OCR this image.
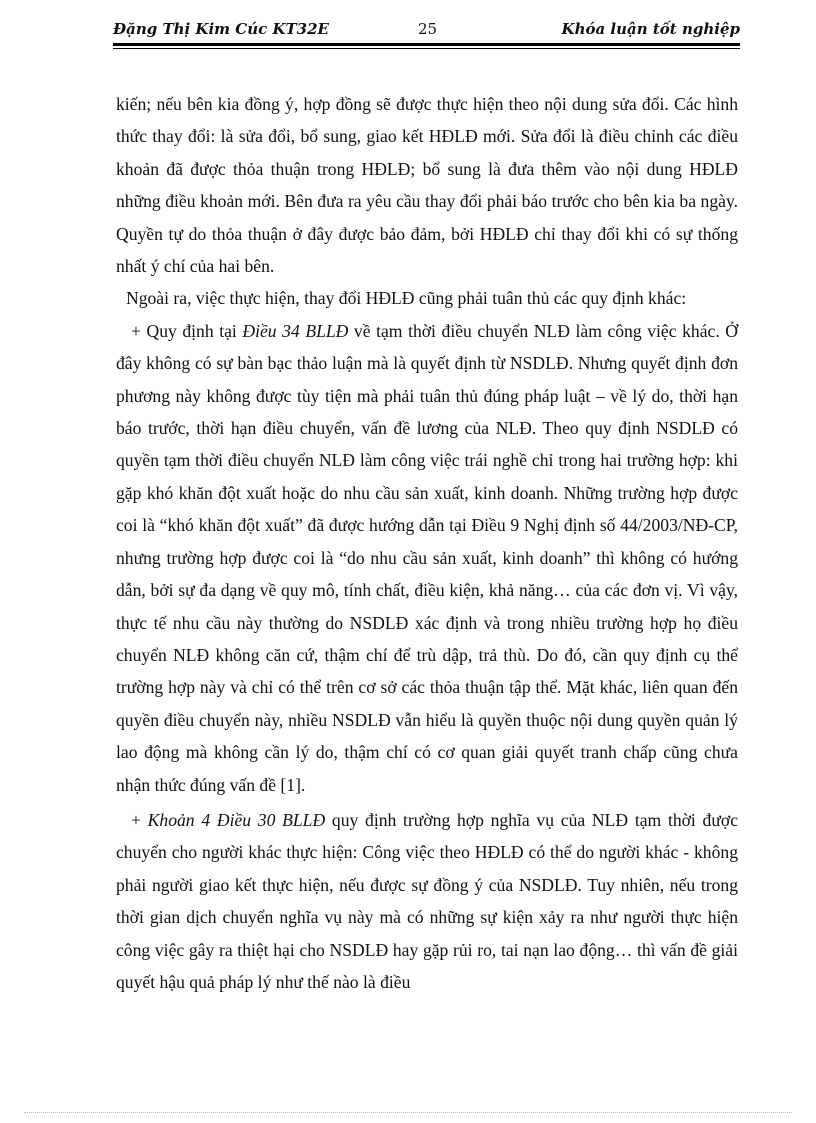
Đặng Thị Kim Cúc KT32E	25	Khóa luận tốt nghiệp

kiến; nếu bên kia đồng ý, hợp đồng sẽ được thực hiện theo nội dung sửa đổi. Các hình thức thay đổi: là sửa đổi, bổ sung, giao kết HĐLĐ mới. Sửa đổi là điều chỉnh các điều khoản đã được thỏa thuận trong HĐLĐ; bổ sung là đưa thêm vào nội dung HĐLĐ những điều khoản mới. Bên đưa ra yêu cầu thay đổi phải báo trước cho bên kia ba ngày. Quyền tự do thỏa thuận ở đây được bảo đảm, bởi HĐLĐ chỉ thay đổi khi có sự thống nhất ý chí của hai bên.

Ngoài ra, việc thực hiện, thay đổi HĐLĐ cũng phải tuân thủ các quy định khác:

+ Quy định tại Điều 34 BLLĐ về tạm thời điều chuyển NLĐ làm công việc khác. Ở đây không có sự bàn bạc thảo luận mà là quyết định từ NSDLĐ. Nhưng quyết định đơn phương này không được tùy tiện mà phải tuân thủ đúng pháp luật – về lý do, thời hạn báo trước, thời hạn điều chuyển, vấn đề lương của NLĐ. Theo quy định NSDLĐ có quyền tạm thời điều chuyển NLĐ làm công việc trái nghề chỉ trong hai trường hợp: khi gặp khó khăn đột xuất hoặc do nhu cầu sản xuất, kinh doanh. Những trường hợp được coi là “khó khăn đột xuất” đã được hướng dẫn tại Điều 9 Nghị định số 44/2003/NĐ-CP, nhưng trường hợp được coi là “do nhu cầu sản xuất, kinh doanh” thì không có hướng dẫn, bởi sự đa dạng về quy mô, tính chất, điều kiện, khả năng… của các đơn vị. Vì vậy, thực tế nhu cầu này thường do NSDLĐ xác định và trong nhiều trường hợp họ điều chuyển NLĐ không căn cứ, thậm chí để trù dập, trả thù. Do đó, cần quy định cụ thể trường hợp này và chỉ có thể trên cơ sở các thỏa thuận tập thể. Mặt khác, liên quan đến quyền điều chuyển này, nhiều NSDLĐ vẫn hiểu là quyền thuộc nội dung quyền quản lý lao động mà không cần lý do, thậm chí có cơ quan giải quyết tranh chấp cũng chưa nhận thức đúng vấn đề [1].

+ Khoản 4 Điều 30 BLLĐ quy định trường hợp nghĩa vụ của NLĐ tạm thời được chuyển cho người khác thực hiện: Công việc theo HĐLĐ có thể do người khác - không phải người giao kết thực hiện, nếu được sự đồng ý của NSDLĐ. Tuy nhiên, nếu trong thời gian dịch chuyển nghĩa vụ này mà có những sự kiện xảy ra như người thực hiện công việc gây ra thiệt hại cho NSDLĐ hay gặp rủi ro, tai nạn lao động… thì vấn đề giải quyết hậu quả pháp lý như thế nào là điều
